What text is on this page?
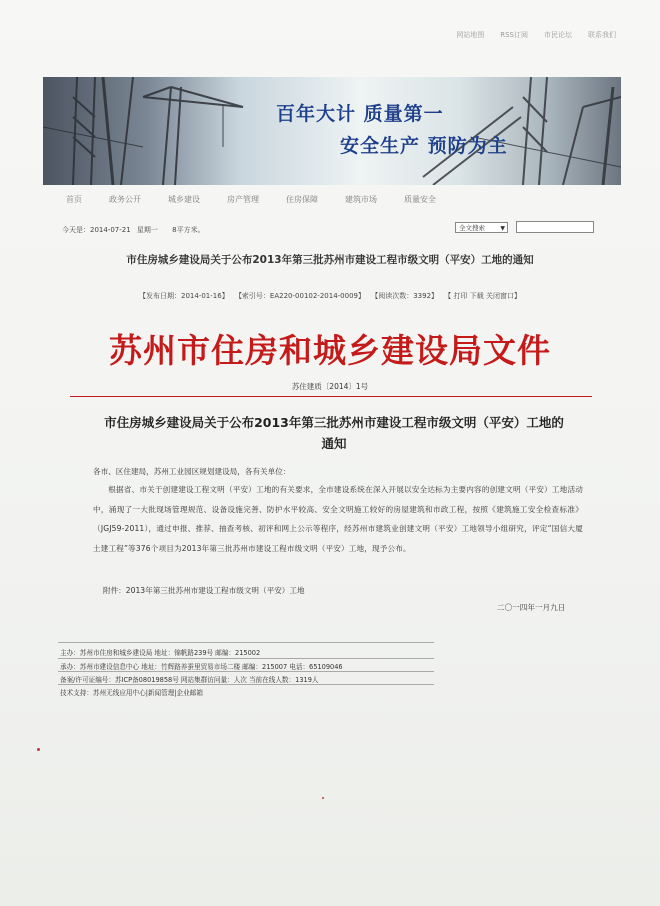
网站地图 RSS订阅 市民论坛 联系我们
百年大计 质量第一
安全生产 预防为主
首页	政务公开	城乡建设	房产管理	住房保障	建筑市场	质量安全
今天是：2014-07-21 星期一 8平方米。	全文搜索	▼
市住房城乡建设局关于公布2013年第三批苏州市建设工程市级文明（平安）工地的通知
【发布日期：2014-01-16】 【索引号：EA220-00102-2014-0009】 【阅读次数：3392】 【 打印 下载 关闭窗口】
苏州市住房和城乡建设局文件
苏住建质〔2014〕1号
市住房城乡建设局关于公布2013年第三批苏州市建设工程市级文明（平安）工地的通知
各市、区住建局，苏州工业园区规划建设局，各有关单位：
根据省、市关于创建建设工程文明（平安）工地的有关要求，全市建设系统在深入开展以安全达标为主要内容的创建文明（平安）工地活动中，涌现了一大批现场管理规范、设备设施完善、防护水平较高、安全文明施工较好的房屋建筑和市政工程，按照《建筑施工安全检查标准》（JGJ59-2011），通过申报、推荐、抽查考核、初评和网上公示等程序，经苏州市建筑业创建文明（平安）工地领导小组研究，评定“国信大厦土建工程”等376个项目为2013年第三批苏州市建设工程市级文明（平安）工地，现予公布。
附件：2013年第三批苏州市建设工程市级文明（平安）工地
二〇一四年一月九日
主办：苏州市住房和城乡建设局 地址：锦帆路239号 邮编：215002
承办：苏州市建设信息中心 地址：竹辉路养蚕里贸易市场二楼 邮编：215007 电话：65109046
备案/许可证编号：苏ICP备08019858号 网站集群访问量：人次 当前在线人数：1319人
技术支持：苏州无线应用中心|新闻管理|企业邮箱
